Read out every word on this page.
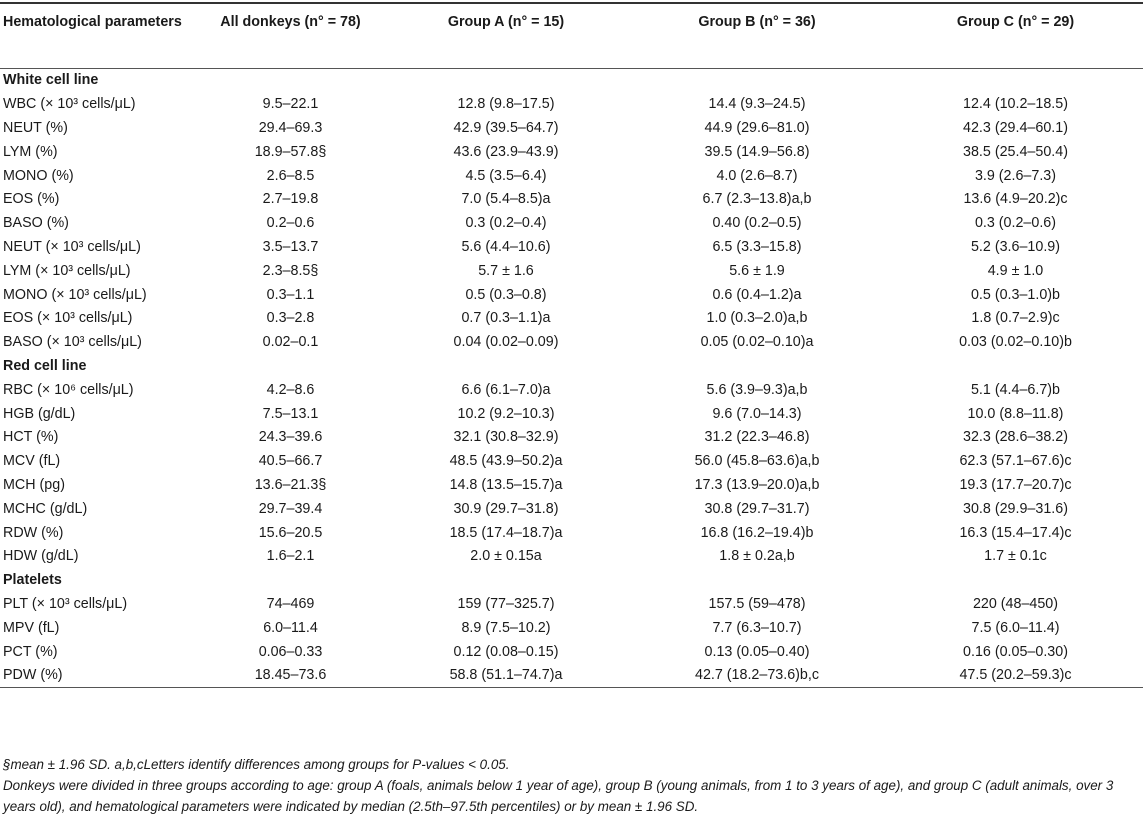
Hematological parameters	All donkeys (n° = 78)	Group A (n° = 15)	Group B (n° = 36)	Group C (n° = 29)
White cell line				
WBC (× 10³ cells/μL)	9.5–22.1	12.8 (9.8–17.5)	14.4 (9.3–24.5)	12.4 (10.2–18.5)
NEUT (%)	29.4–69.3	42.9 (39.5–64.7)	44.9 (29.6–81.0)	42.3 (29.4–60.1)
LYM (%)	18.9–57.8§	43.6 (23.9–43.9)	39.5 (14.9–56.8)	38.5 (25.4–50.4)
MONO (%)	2.6–8.5	4.5 (3.5–6.4)	4.0 (2.6–8.7)	3.9 (2.6–7.3)
EOS (%)	2.7–19.8	7.0 (5.4–8.5)a	6.7 (2.3–13.8)a,b	13.6 (4.9–20.2)c
BASO (%)	0.2–0.6	0.3 (0.2–0.4)	0.40 (0.2–0.5)	0.3 (0.2–0.6)
NEUT (× 10³ cells/μL)	3.5–13.7	5.6 (4.4–10.6)	6.5 (3.3–15.8)	5.2 (3.6–10.9)
LYM (× 10³ cells/μL)	2.3–8.5§	5.7 ± 1.6	5.6 ± 1.9	4.9 ± 1.0
MONO (× 10³ cells/μL)	0.3–1.1	0.5 (0.3–0.8)	0.6 (0.4–1.2)a	0.5 (0.3–1.0)b
EOS (× 10³ cells/μL)	0.3–2.8	0.7 (0.3–1.1)a	1.0 (0.3–2.0)a,b	1.8 (0.7–2.9)c
BASO (× 10³ cells/μL)	0.02–0.1	0.04 (0.02–0.09)	0.05 (0.02–0.10)a	0.03 (0.02–0.10)b
Red cell line				
RBC (× 10⁶ cells/μL)	4.2–8.6	6.6 (6.1–7.0)a	5.6 (3.9–9.3)a,b	5.1 (4.4–6.7)b
HGB (g/dL)	7.5–13.1	10.2 (9.2–10.3)	9.6 (7.0–14.3)	10.0 (8.8–11.8)
HCT (%)	24.3–39.6	32.1 (30.8–32.9)	31.2 (22.3–46.8)	32.3 (28.6–38.2)
MCV (fL)	40.5–66.7	48.5 (43.9–50.2)a	56.0 (45.8–63.6)a,b	62.3 (57.1–67.6)c
MCH (pg)	13.6–21.3§	14.8 (13.5–15.7)a	17.3 (13.9–20.0)a,b	19.3 (17.7–20.7)c
MCHC (g/dL)	29.7–39.4	30.9 (29.7–31.8)	30.8 (29.7–31.7)	30.8 (29.9–31.6)
RDW (%)	15.6–20.5	18.5 (17.4–18.7)a	16.8 (16.2–19.4)b	16.3 (15.4–17.4)c
HDW (g/dL)	1.6–2.1	2.0 ± 0.15a	1.8 ± 0.2a,b	1.7 ± 0.1c
Platelets				
PLT (× 10³ cells/μL)	74–469	159 (77–325.7)	157.5 (59–478)	220 (48–450)
MPV (fL)	6.0–11.4	8.9 (7.5–10.2)	7.7 (6.3–10.7)	7.5 (6.0–11.4)
PCT (%)	0.06–0.33	0.12 (0.08–0.15)	0.13 (0.05–0.40)	0.16 (0.05–0.30)
PDW (%)	18.45–73.6	58.8 (51.1–74.7)a	42.7 (18.2–73.6)b,c	47.5 (20.2–59.3)c

§mean ± 1.96 SD. a,b,cLetters identify differences among groups for P-values < 0.05.

Donkeys were divided in three groups according to age: group A (foals, animals below 1 year of age), group B (young animals, from 1 to 3 years of age), and group C (adult animals, over 3 years old), and hematological parameters were indicated by median (2.5th–97.5th percentiles) or by mean ± 1.96 SD.
